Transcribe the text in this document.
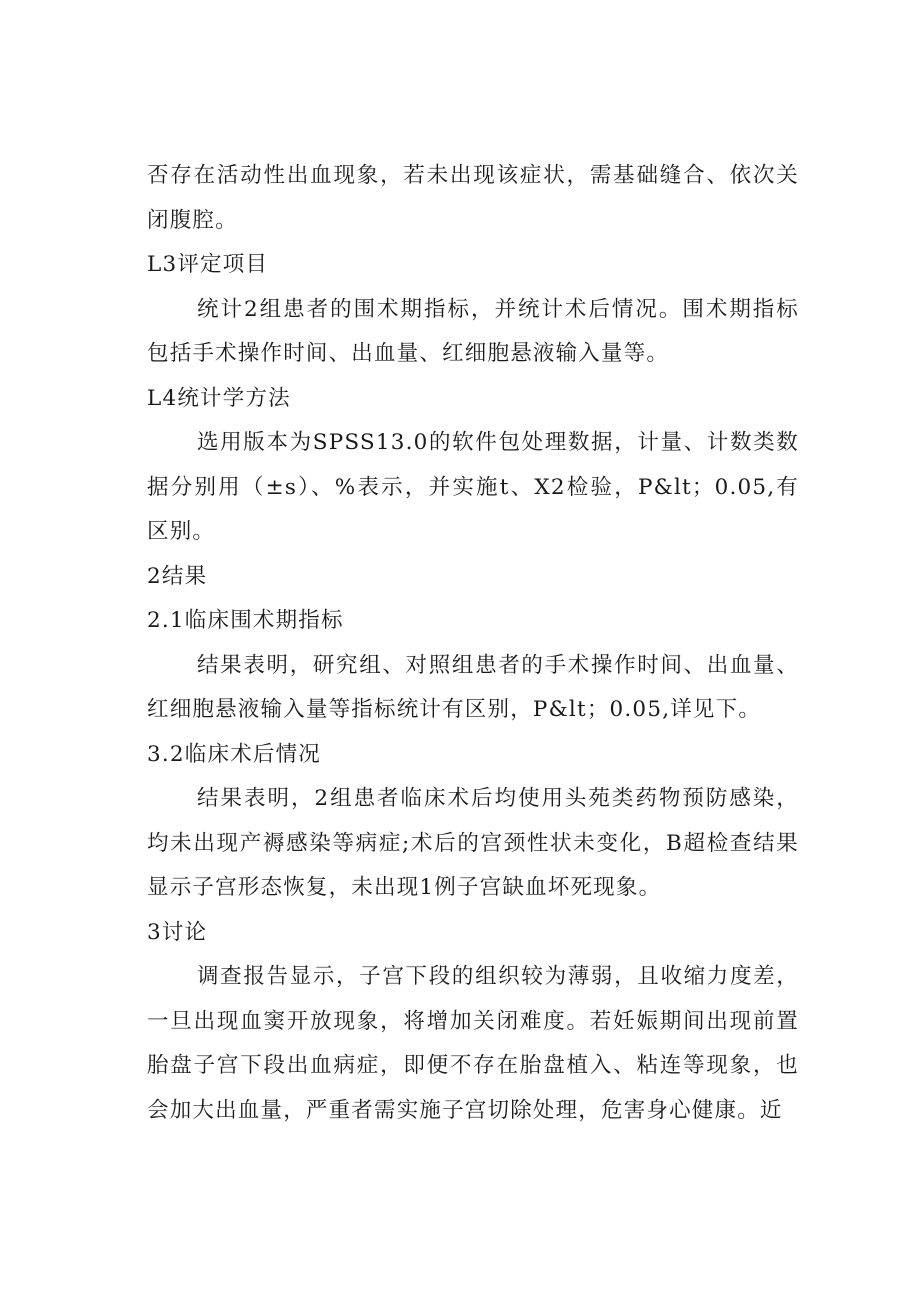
否存在活动性出血现象，若未出现该症状，需基础缝合、依次关闭腹腔。

L3评定项目

统计2组患者的围术期指标，并统计术后情况。围术期指标包括手术操作时间、出血量、红细胞悬液输入量等。

L4统计学方法

选用版本为SPSS13.0的软件包处理数据，计量、计数类数据分别用（±s）、%表示，并实施t、X2检验，P&lt；0.05,有区别。

2结果

2.1临床围术期指标

结果表明，研究组、对照组患者的手术操作时间、出血量、红细胞悬液输入量等指标统计有区别，P&lt；0.05,详见下。

3.2临床术后情况

结果表明，2组患者临床术后均使用头苑类药物预防感染，均未出现产褥感染等病症;术后的宫颈性状未变化，B超检查结果显示子宫形态恢复，未出现1例子宫缺血坏死现象。

3讨论

调查报告显示，子宫下段的组织较为薄弱，且收缩力度差，一旦出现血窦开放现象，将增加关闭难度。若妊娠期间出现前置胎盘子宫下段出血病症，即便不存在胎盘植入、粘连等现象，也会加大出血量，严重者需实施子宫切除处理，危害身心健康。近
